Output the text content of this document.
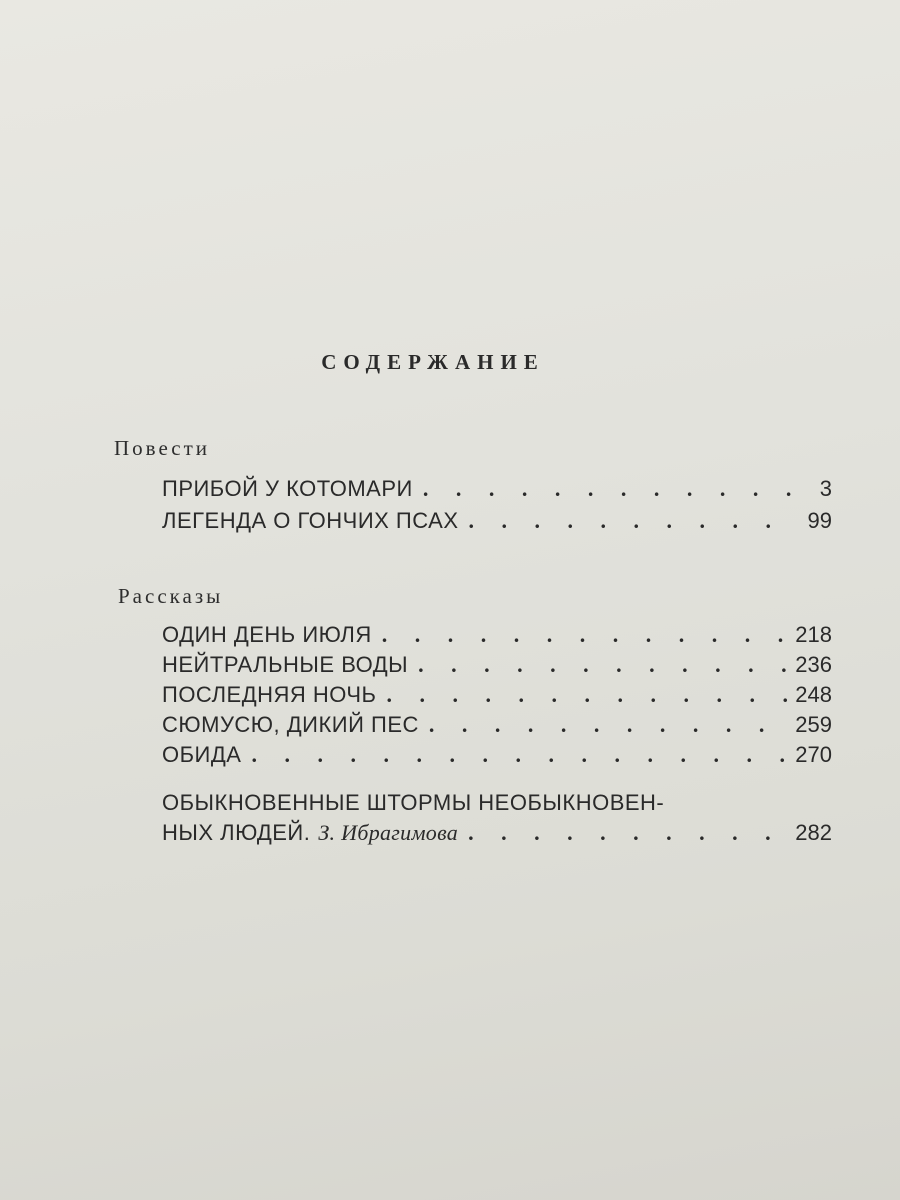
СОДЕРЖАНИЕ
Повести
ПРИБОЙ У КОТОМАРИ . . .	3
ЛЕГЕНДА О ГОНЧИХ ПСАХ . . .	99
Рассказы
ОДИН ДЕНЬ ИЮЛЯ . . .	218
НЕЙТРАЛЬНЫЕ ВОДЫ . . .	236
ПОСЛЕДНЯЯ НОЧЬ . . .	248
СЮМУСЮ, ДИКИЙ ПЕС . . .	259
ОБИДА . . .	270
ОБЫКНОВЕННЫЕ ШТОРМЫ НЕОБЫКНОВЕН-
НЫХ ЛЮДЕЙ. З. Ибрагимова . . .	282
